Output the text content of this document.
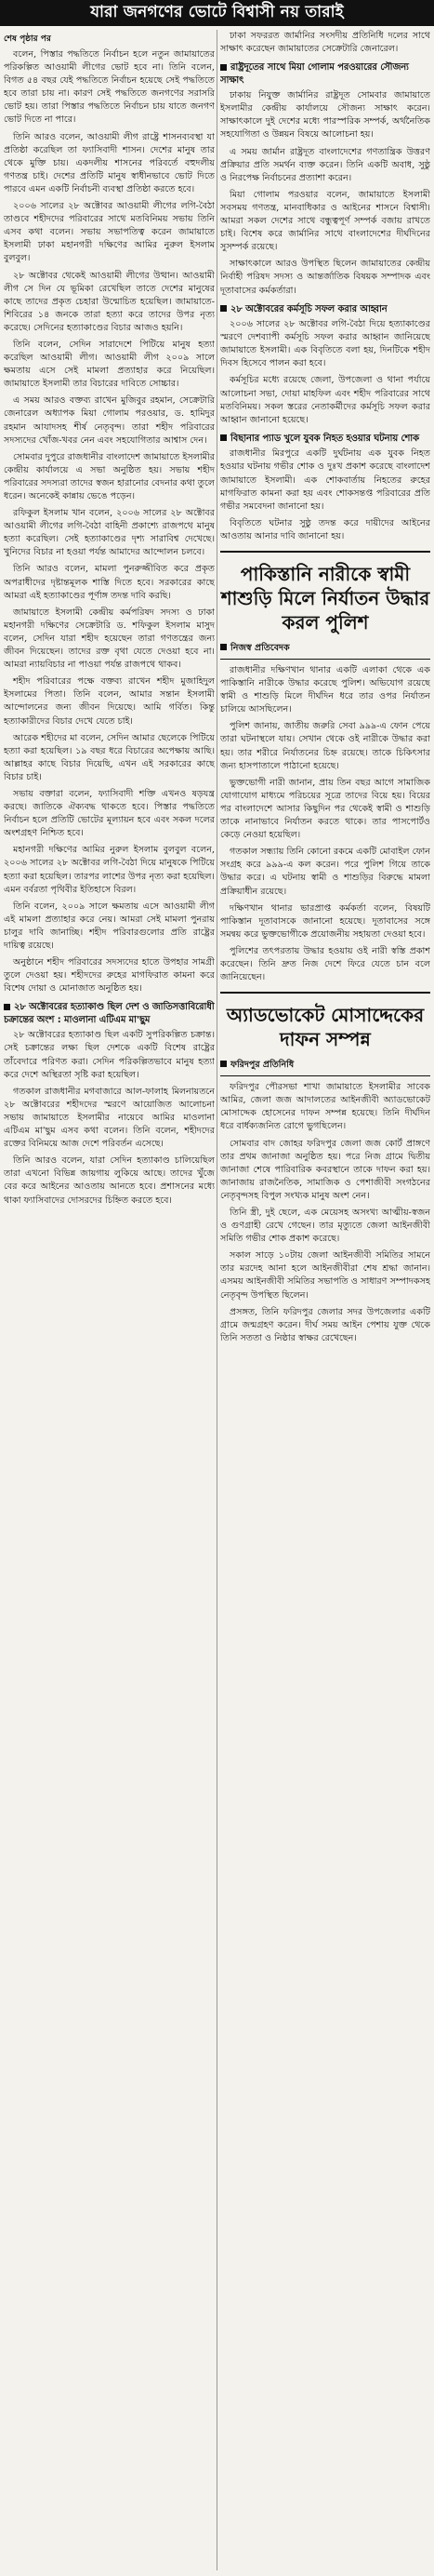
যারা জনগণের ভোটে বিশ্বাসী নয় তারাই
শেষ পৃষ্ঠার পর

বলেন, পিস্তার পদ্ধতিতে নির্বাচন হলে নতুন জামায়াতের পরিকল্পিত আওয়ামী লীগের ভোট হবে না। তিনি বলেন, বিগত ৫৪ বছর যেই পদ্ধতিতে নির্বাচন হয়েছে সেই পদ্ধতিতে হবে তারা চায় না। কারণ সেই পদ্ধতিতে জনগণের সরাসরি ভোট হয়। তারা পিস্তার পদ্ধতিতে নির্বাচন চায় যাতে জনগণ ভোট দিতে না পারে।

তিনি আরও বলেন, আওয়ামী লীগ রাষ্ট্রে শাসনব্যবস্থা যা প্রতিষ্ঠা করেছিল তা ফ্যাসিবাদী শাসন। দেশের মানুষ তার থেকে মুক্তি চায়। একদলীয় শাসনের পরিবর্তে বহুদলীয় গণতন্ত্র চাই। দেশের প্রতিটি মানুষ স্বাধীনভাবে ভোট দিতে পারবে এমন একটি নির্বাচনী ব্যবস্থা প্রতিষ্ঠা করতে হবে।

২০০৬ সালের ২৮ অক্টোবর আওয়ামী লীগের লগি-বৈঠা তাণ্ডবে শহীদদের পরিবারের সাথে মতবিনিময় সভায় তিনি এসব কথা বলেন। সভায় সভাপতিত্ব করেন জামায়াতে ইসলামী ঢাকা মহানগরী দক্ষিণের আমির নুরুল ইসলাম বুলবুল।

২৮ অক্টোবর থেকেই আওয়ামী লীগের উত্থান। আওয়ামী লীগ সে দিন যে ভূমিকা রেখেছিল তাতে দেশের মানুষের কাছে তাদের প্রকৃত চেহারা উন্মোচিত হয়েছিল। জামায়াতে-শিবিরের ১৪ জনকে তারা হত্যা করে তাদের উপর নৃত্য করেছে। সেদিনের হত্যাকাণ্ডের বিচার আজও হয়নি।

তিনি বলেন, সেদিন সারাদেশে পিটিয়ে মানুষ হত্যা করেছিল আওয়ামী লীগ। আওয়ামী লীগ ২০০৯ সালে ক্ষমতায় এসে সেই মামলা প্রত্যাহার করে নিয়েছিল। জামায়াতে ইসলামী তার বিচারের দাবিতে সোচ্চার।

এ সময় আরও বক্তব্য রাখেন মুজিবুর রহমান, সেক্রেটারি জেনারেল অধ্যাপক মিয়া গোলাম পরওয়ার, ড. হামিদুর রহমান আযাদসহ শীর্ষ নেতৃবৃন্দ। তারা শহীদ পরিবারের সদস্যদের খোঁজ-খবর নেন এবং সহযোগিতার আশ্বাস দেন।

সোমবার দুপুরে রাজধানীর বাংলাদেশ জামায়াতে ইসলামীর কেন্দ্রীয় কার্যালয়ে এ সভা অনুষ্ঠিত হয়। সভায় শহীদ পরিবারের সদস্যরা তাদের স্বজন হারানোর বেদনার কথা তুলে ধরেন। অনেকেই কান্নায় ভেঙে পড়েন।

রফিকুল ইসলাম খান বলেন, ২০০৬ সালের ২৮ অক্টোবর আওয়ামী লীগের লগি-বৈঠা বাহিনী প্রকাশ্যে রাজপথে মানুষ হত্যা করেছিল। সেই হত্যাকাণ্ডের দৃশ্য সারাবিশ্ব দেখেছে। খুনিদের বিচার না হওয়া পর্যন্ত আমাদের আন্দোলন চলবে।

তিনি আরও বলেন, মামলা পুনরুজ্জীবিত করে প্রকৃত অপরাধীদের দৃষ্টান্তমূলক শাস্তি দিতে হবে। সরকারের কাছে আমরা এই হত্যাকাণ্ডের পূর্ণাঙ্গ তদন্ত দাবি করছি।

জামায়াতে ইসলামী কেন্দ্রীয় কর্মপরিষদ সদস্য ও ঢাকা মহানগরী দক্ষিণের সেক্রেটারি ড. শফিকুল ইসলাম মাসুদ বলেন, সেদিন যারা শহীদ হয়েছেন তারা গণতন্ত্রের জন্য জীবন দিয়েছেন। তাদের রক্ত বৃথা যেতে দেওয়া হবে না। আমরা ন্যায়বিচার না পাওয়া পর্যন্ত রাজপথে থাকব।

শহীদ পরিবারের পক্ষে বক্তব্য রাখেন শহীদ মুজাহিদুল ইসলামের পিতা। তিনি বলেন, আমার সন্তান ইসলামী আন্দোলনের জন্য জীবন দিয়েছে। আমি গর্বিত। কিন্তু হত্যাকারীদের বিচার দেখে যেতে চাই।

আরেক শহীদের মা বলেন, সেদিন আমার ছেলেকে পিটিয়ে হত্যা করা হয়েছিল। ১৯ বছর ধরে বিচারের অপেক্ষায় আছি। আল্লাহর কাছে বিচার দিয়েছি, এখন এই সরকারের কাছে বিচার চাই।

সভায় বক্তারা বলেন, ফ্যাসিবাদী শক্তি এখনও ষড়যন্ত্র করছে। জাতিকে ঐক্যবদ্ধ থাকতে হবে। পিস্তার পদ্ধতিতে নির্বাচন হলে প্রতিটি ভোটের মূল্যায়ন হবে এবং সকল দলের অংশগ্রহণ নিশ্চিত হবে।

মহানগরী দক্ষিণের আমির নুরুল ইসলাম বুলবুল বলেন, ২০০৬ সালের ২৮ অক্টোবর লগি-বৈঠা দিয়ে মানুষকে পিটিয়ে হত্যা করা হয়েছিল। তারপর লাশের উপর নৃত্য করা হয়েছিল। এমন বর্বরতা পৃথিবীর ইতিহাসে বিরল।

তিনি বলেন, ২০০৯ সালে ক্ষমতায় এসে আওয়ামী লীগ এই মামলা প্রত্যাহার করে নেয়। আমরা সেই মামলা পুনরায় চালুর দাবি জানাচ্ছি। শহীদ পরিবারগুলোর প্রতি রাষ্ট্রের দায়িত্ব রয়েছে।

অনুষ্ঠানে শহীদ পরিবারের সদস্যদের হাতে উপহার সামগ্রী তুলে দেওয়া হয়। শহীদদের রুহের মাগফিরাত কামনা করে বিশেষ দোয়া ও মোনাজাত অনুষ্ঠিত হয়।

২৮ অক্টোবরের হত্যাকাণ্ড ছিল দেশ ও জাতিসত্তাবিরোধী চক্রান্তের অংশ : মাওলানা এটিএম মা'ছুম

২৮ অক্টোবরের হত্যাকাণ্ড ছিল একটি সুপরিকল্পিত চক্রান্ত। সেই চক্রান্তের লক্ষ্য ছিল দেশকে একটি বিশেষ রাষ্ট্রের তাঁবেদারে পরিণত করা। সেদিন পরিকল্পিতভাবে মানুষ হত্যা করে দেশে অস্থিরতা সৃষ্টি করা হয়েছিল।

গতকাল রাজধানীর মগবাজারে আল-ফালাহ মিলনায়তনে ২৮ অক্টোবরের শহীদদের স্মরণে আয়োজিত আলোচনা সভায় জামায়াতে ইসলামীর নায়েবে আমির মাওলানা এটিএম মা'ছুম এসব কথা বলেন। তিনি বলেন, শহীদদের রক্তের বিনিময়ে আজ দেশে পরিবর্তন এসেছে।

তিনি আরও বলেন, যারা সেদিন হত্যাকাণ্ড চালিয়েছিল তারা এখনো বিভিন্ন জায়গায় লুকিয়ে আছে। তাদের খুঁজে বের করে আইনের আওতায় আনতে হবে। প্রশাসনের মধ্যে থাকা ফ্যাসিবাদের দোসরদের চিহ্নিত করতে হবে।

ঢাকা সফররত জার্মানির সংসদীয় প্রতিনিধি দলের সাথে সাক্ষাৎ করেছেন জামায়াতের সেক্রেটারি জেনারেল।

রাষ্ট্রদূতের সাথে মিয়া গোলাম পরওয়ারের সৌজন্য সাক্ষাৎ

ঢাকায় নিযুক্ত জার্মানির রাষ্ট্রদূত সোমবার জামায়াতে ইসলামীর কেন্দ্রীয় কার্যালয়ে সৌজন্য সাক্ষাৎ করেন। সাক্ষাৎকালে দুই দেশের মধ্যে পারস্পরিক সম্পর্ক, অর্থনৈতিক সহযোগিতা ও উন্নয়ন বিষয়ে আলোচনা হয়।

এ সময় জার্মান রাষ্ট্রদূত বাংলাদেশের গণতান্ত্রিক উত্তরণ প্রক্রিয়ার প্রতি সমর্থন ব্যক্ত করেন। তিনি একটি অবাধ, সুষ্ঠু ও নিরপেক্ষ নির্বাচনের প্রত্যাশা করেন।

মিয়া গোলাম পরওয়ার বলেন, জামায়াতে ইসলামী সবসময় গণতন্ত্র, মানবাধিকার ও আইনের শাসনে বিশ্বাসী। আমরা সকল দেশের সাথে বন্ধুত্বপূর্ণ সম্পর্ক বজায় রাখতে চাই। বিশেষ করে জার্মানির সাথে বাংলাদেশের দীর্ঘদিনের সুসম্পর্ক রয়েছে।

সাক্ষাৎকালে আরও উপস্থিত ছিলেন জামায়াতের কেন্দ্রীয় নির্বাহী পরিষদ সদস্য ও আন্তর্জাতিক বিষয়ক সম্পাদক এবং দূতাবাসের কর্মকর্তারা।

২৮ অক্টোবরের কর্মসূচি সফল করার আহ্বান

২০০৬ সালের ২৮ অক্টোবর লগি-বৈঠা দিয়ে হত্যাকাণ্ডের স্মরণে দেশব্যাপী কর্মসূচি সফল করার আহ্বান জানিয়েছে জামায়াতে ইসলামী। এক বিবৃতিতে বলা হয়, দিনটিকে শহীদ দিবস হিসেবে পালন করা হবে।

কর্মসূচির মধ্যে রয়েছে জেলা, উপজেলা ও থানা পর্যায়ে আলোচনা সভা, দোয়া মাহফিল এবং শহীদ পরিবারের সাথে মতবিনিময়। সকল স্তরের নেতাকর্মীদের কর্মসূচি সফল করার আহ্বান জানানো হয়েছে।

বিছানার প্যাড খুলে যুবক নিহত হওয়ার ঘটনায় শোক

রাজধানীর মিরপুরে একটি দুর্ঘটনায় এক যুবক নিহত হওয়ার ঘটনায় গভীর শোক ও দুঃখ প্রকাশ করেছে বাংলাদেশ জামায়াতে ইসলামী। এক শোকবার্তায় নিহতের রুহের মাগফিরাত কামনা করা হয় এবং শোকসন্তপ্ত পরিবারের প্রতি গভীর সমবেদনা জানানো হয়।

বিবৃতিতে ঘটনার সুষ্ঠু তদন্ত করে দায়ীদের আইনের আওতায় আনার দাবি জানানো হয়।

পাকিস্তানি নারীকে স্বামী শাশুড়ি মিলে নির্যাতন উদ্ধার করল পুলিশ
নিজস্ব প্রতিবেদক

রাজধানীর দক্ষিণখান থানার একটি এলাকা থেকে এক পাকিস্তানি নারীকে উদ্ধার করেছে পুলিশ। অভিযোগ রয়েছে স্বামী ও শাশুড়ি মিলে দীর্ঘদিন ধরে তার ওপর নির্যাতন চালিয়ে আসছিলেন।

পুলিশ জানায়, জাতীয় জরুরি সেবা ৯৯৯-এ ফোন পেয়ে তারা ঘটনাস্থলে যায়। সেখান থেকে ওই নারীকে উদ্ধার করা হয়। তার শরীরে নির্যাতনের চিহ্ন রয়েছে। তাকে চিকিৎসার জন্য হাসপাতালে পাঠানো হয়েছে।

ভুক্তভোগী নারী জানান, প্রায় তিন বছর আগে সামাজিক যোগাযোগ মাধ্যমে পরিচয়ের সূত্রে তাদের বিয়ে হয়। বিয়ের পর বাংলাদেশে আসার কিছুদিন পর থেকেই স্বামী ও শাশুড়ি তাকে নানাভাবে নির্যাতন করতে থাকে। তার পাসপোর্টও কেড়ে নেওয়া হয়েছিল।

গতকাল সন্ধ্যায় তিনি কোনো রকমে একটি মোবাইল ফোন সংগ্রহ করে ৯৯৯-এ কল করেন। পরে পুলিশ গিয়ে তাকে উদ্ধার করে। এ ঘটনায় স্বামী ও শাশুড়ির বিরুদ্ধে মামলা প্রক্রিয়াধীন রয়েছে।

দক্ষিণখান থানার ভারপ্রাপ্ত কর্মকর্তা বলেন, বিষয়টি পাকিস্তান দূতাবাসকে জানানো হয়েছে। দূতাবাসের সঙ্গে সমন্বয় করে ভুক্তভোগীকে প্রয়োজনীয় সহায়তা দেওয়া হবে।

পুলিশের তৎপরতায় উদ্ধার হওয়ায় ওই নারী স্বস্তি প্রকাশ করেছেন। তিনি দ্রুত নিজ দেশে ফিরে যেতে চান বলে জানিয়েছেন।

অ্যাডভোকেট মোসাদ্দেকের দাফন সম্পন্ন
ফরিদপুর প্রতিনিধি

ফরিদপুর পৌরসভা শাখা জামায়াতে ইসলামীর সাবেক আমির, জেলা জজ আদালতের আইনজীবী অ্যাডভোকেট মোসাদ্দেক হোসেনের দাফন সম্পন্ন হয়েছে। তিনি দীর্ঘদিন ধরে বার্ধক্যজনিত রোগে ভুগছিলেন।

সোমবার বাদ জোহর ফরিদপুর জেলা জজ কোর্ট প্রাঙ্গণে তার প্রথম জানাজা অনুষ্ঠিত হয়। পরে নিজ গ্রামে দ্বিতীয় জানাজা শেষে পারিবারিক কবরস্থানে তাকে দাফন করা হয়। জানাজায় রাজনৈতিক, সামাজিক ও পেশাজীবী সংগঠনের নেতৃবৃন্দসহ বিপুল সংখ্যক মানুষ অংশ নেন।

তিনি স্ত্রী, দুই ছেলে, এক মেয়েসহ অসংখ্য আত্মীয়-স্বজন ও গুণগ্রাহী রেখে গেছেন। তার মৃত্যুতে জেলা আইনজীবী সমিতি গভীর শোক প্রকাশ করেছে।

সকাল সাড়ে ১০টায় জেলা আইনজীবী সমিতির সামনে তার মরদেহ আনা হলে আইনজীবীরা শেষ শ্রদ্ধা জানান। এসময় আইনজীবী সমিতির সভাপতি ও সাধারণ সম্পাদকসহ নেতৃবৃন্দ উপস্থিত ছিলেন।

প্রসঙ্গত, তিনি ফরিদপুর জেলার সদর উপজেলার একটি গ্রামে জন্মগ্রহণ করেন। দীর্ঘ সময় আইন পেশায় যুক্ত থেকে তিনি সততা ও নিষ্ঠার স্বাক্ষর রেখেছেন।
